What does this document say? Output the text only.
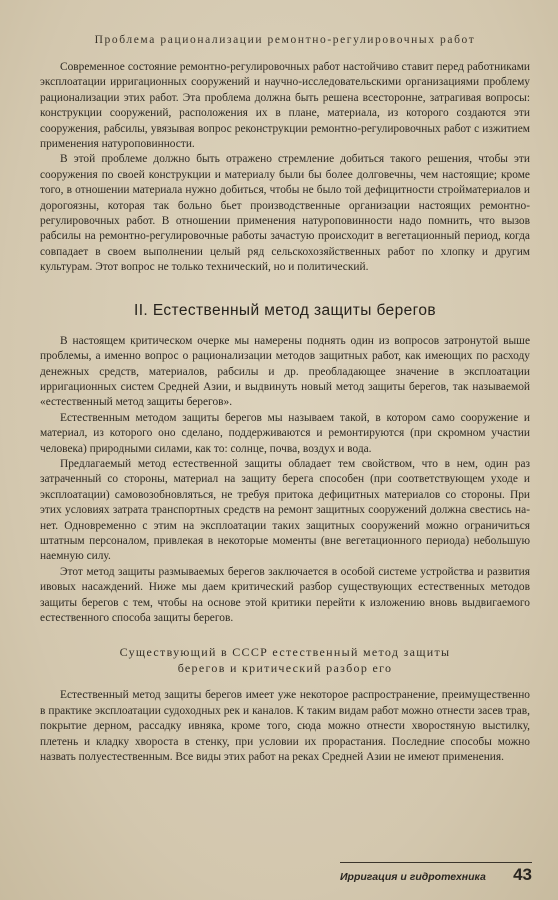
Проблема рационализации ремонтно-регулировочных работ

Современное состояние ремонтно-регулировочных работ настойчиво ставит перед работниками эксплоатации ирригационных сооружений и научно-исследовательскими организациями проблему рационализации этих работ. Эта проблема должна быть решена всесторонне, затрагивая вопросы: конструкции сооружений, расположения их в плане, материала, из которого создаются эти сооружения, рабсилы, увязывая вопрос реконструкции ремонтно-регулировочных работ с изжитием применения натуроповинности.

В этой проблеме должно быть отражено стремление добиться такого решения, чтобы эти сооружения по своей конструкции и материалу были бы более долговечны, чем настоящие; кроме того, в отношении материала нужно добиться, чтобы не было той дефицитности стройматериалов и дорогоязны, которая так больно бьет производственные организации настоящих ремонтно-регулировочных работ. В отношении применения натуроповинности надо помнить, что вызов рабсилы на ремонтно-регулировочные работы зачастую происходит в вегетационный период, когда совпадает в своем выполнении целый ряд сельскохозяйственных работ по хлопку и другим культурам. Этот вопрос не только технический, но и политический.

II. Естественный метод защиты берегов

В настоящем критическом очерке мы намерены поднять один из вопросов затронутой выше проблемы, а именно вопрос о рационализации методов защитных работ, как имеющих по расходу денежных средств, материалов, рабсилы и др. преобладающее значение в эксплоатации ирригационных систем Средней Азии, и выдвинуть новый метод защиты берегов, так называемой «естественный метод защиты берегов».

Естественным методом защиты берегов мы называем такой, в котором само сооружение и материал, из которого оно сделано, поддерживаются и ремонтируются (при скромном участии человека) природными силами, как то: солнце, почва, воздух и вода.

Предлагаемый метод естественной защиты обладает тем свойством, что в нем, один раз затраченный со стороны, материал на защиту берега способен (при соответствующем уходе и эксплоатации) самовозобновляться, не требуя притока дефицитных материалов со стороны. При этих условиях затрата транспортных средств на ремонт защитных сооружений должна свестись на-нет. Одновременно с этим на эксплоатации таких защитных сооружений можно ограничиться штатным персоналом, привлекая в некоторые моменты (вне вегетационного периода) небольшую наемную силу.

Этот метод защиты размываемых берегов заключается в особой системе устройства и развития ивовых насаждений. Ниже мы даем критический разбор существующих естественных методов защиты берегов с тем, чтобы на основе этой критики перейти к изложению вновь выдвигаемого естественного способа защиты берегов.

Существующий в СССР естественный метод защиты
берегов и критический разбор его

Естественный метод защиты берегов имеет уже некоторое распространение, преимущественно в практике эксплоатации судоходных рек и каналов. К таким видам работ можно отнести засев трав, покрытие дерном, рассадку ивняка, кроме того, сюда можно отнести хворостяную выстилку, плетень и кладку хворостa в стенку, при условии их прорастания. Последние способы можно назвать полуестественным. Все виды этих работ на реках Средней Азии не имеют применения.

Ирригация и гидротехника 43
